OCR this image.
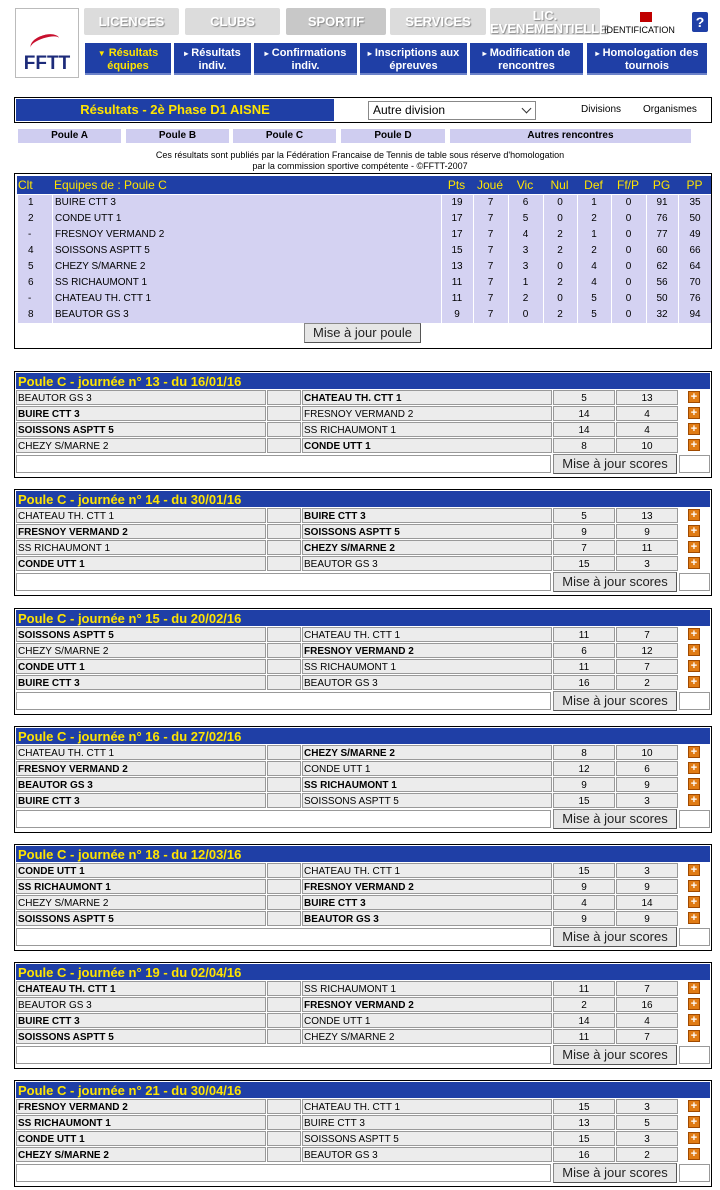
FFTT
LICENCES	CLUBS	SPORTIF	SERVICES	LIC.
EVENEMENTIELLE
IDENTIFICATION ?
▼ Résultats
équipes
▸ Résultats
indiv.
▸ Confirmations
indiv.
▸ Inscriptions aux
épreuves
▸ Modification de
rencontres
▸ Homologation des
tournois
Résultats - 2è Phase D1 AISNE	Autre division	Divisions Organismes
Poule A	Poule B	Poule C	Poule D	Autres rencontres
Ces résultats sont publiés par la Fédération Francaise de Tennis de table sous réserve d'homologation
par la commission sportive compétente - ©FFTT-2007
Clt	Equipes de : Poule C	Pts Joué	Vic	Nul	Def	Ff/P	PG	PP
1	BUIRE CTT 3	19	7	6	0	1	0	91	35
2	CONDE UTT 1	17	7	5	0	2	0	76	50
-	FRESNOY VERMAND 2	17	7	4	2	1	0	77	49
4	SOISSONS ASPTT 5	15	7	3	2	2	0	60	66
5	CHEZY S/MARNE 2	13	7	3	0	4	0	62	64
6	SS RICHAUMONT 1	11	7	1	2	4	0	56	70
-	CHATEAU TH. CTT 1	11	7	2	0	5	0	50	76
8	BEAUTOR GS 3	9	7	0	2	5	0	32	94
Mise à jour poule
Poule C - journée n° 13 - du 16/01/16
BEAUTOR GS 3	CHATEAU TH. CTT 1	5	13	+
BUIRE CTT 3	FRESNOY VERMAND 2	14	4	+
SOISSONS ASPTT 5	SS RICHAUMONT 1	14	4	+
CHEZY S/MARNE 2	CONDE UTT 1	8	10	+
Mise à jour scores
Poule C - journée n° 14 - du 30/01/16
CHATEAU TH. CTT 1	BUIRE CTT 3	5	13	+
FRESNOY VERMAND 2	SOISSONS ASPTT 5	9	9	+
SS RICHAUMONT 1	CHEZY S/MARNE 2	7	11	+
CONDE UTT 1	BEAUTOR GS 3	15	3	+
Mise à jour scores
Poule C - journée n° 15 - du 20/02/16
SOISSONS ASPTT 5	CHATEAU TH. CTT 1	11	7	+
CHEZY S/MARNE 2	FRESNOY VERMAND 2	6	12	+
CONDE UTT 1	SS RICHAUMONT 1	11	7	+
BUIRE CTT 3	BEAUTOR GS 3	16	2	+
Mise à jour scores
Poule C - journée n° 16 - du 27/02/16
CHATEAU TH. CTT 1	CHEZY S/MARNE 2	8	10	+
FRESNOY VERMAND 2	CONDE UTT 1	12	6	+
BEAUTOR GS 3	SS RICHAUMONT 1	9	9	+
BUIRE CTT 3	SOISSONS ASPTT 5	15	3	+
Mise à jour scores
Poule C - journée n° 18 - du 12/03/16
CONDE UTT 1	CHATEAU TH. CTT 1	15	3	+
SS RICHAUMONT 1	FRESNOY VERMAND 2	9	9	+
CHEZY S/MARNE 2	BUIRE CTT 3	4	14	+
SOISSONS ASPTT 5	BEAUTOR GS 3	9	9	+
Mise à jour scores
Poule C - journée n° 19 - du 02/04/16
CHATEAU TH. CTT 1	SS RICHAUMONT 1	11	7	+
BEAUTOR GS 3	FRESNOY VERMAND 2	2	16	+
BUIRE CTT 3	CONDE UTT 1	14	4	+
SOISSONS ASPTT 5	CHEZY S/MARNE 2	11	7	+
Mise à jour scores
Poule C - journée n° 21 - du 30/04/16
FRESNOY VERMAND 2	CHATEAU TH. CTT 1	15	3	+
SS RICHAUMONT 1	BUIRE CTT 3	13	5	+
CONDE UTT 1	SOISSONS ASPTT 5	15	3	+
CHEZY S/MARNE 2	BEAUTOR GS 3	16	2	+
Mise à jour scores
